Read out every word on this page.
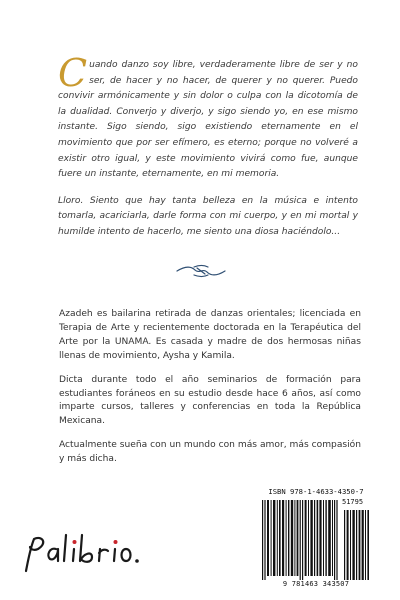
Cuando danzo soy libre, verdaderamente libre de ser y no ser, de hacer y no hacer, de querer y no querer. Puedo convivir armónicamente y sin dolor o culpa con la dicotomía de la dualidad. Converjo y diverjo, y sigo siendo yo, en ese mismo instante. Sigo siendo, sigo existiendo eternamente en el movimiento que por ser efímero, es eterno; porque no volveré a existir otro igual, y este movimiento vivirá como fue, aunque fuere un instante, eternamente, en mi memoria.

Lloro. Siento que hay tanta belleza en la música e intento tomarla, acariciarla, darle forma con mi cuerpo, y en mi mortal y humilde intento de hacerlo, me siento una diosa haciéndolo...

Azadeh es bailarina retirada de danzas orientales; licenciada en Terapia de Arte y recientemente doctorada en la Terapéutica del Arte por la UNAMA. Es casada y madre de dos hermosas niñas llenas de movimiento, Aysha y Kamila.

Dicta durante todo el año seminarios de formación para estudiantes foráneos en su estudio desde hace 6 años, así como imparte cursos, talleres y conferencias en toda la República Mexicana.

Actualmente sueña con un mundo con más amor, más compasión y más dicha.

ISBN 978-1-4633-4350-7
51795
9 781463 343507
